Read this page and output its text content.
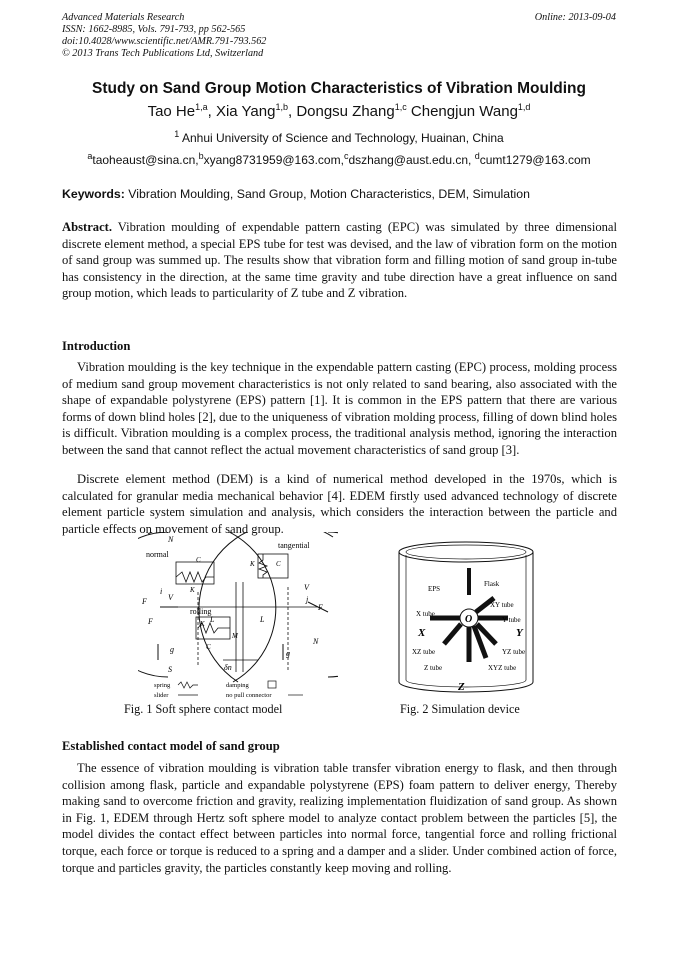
Advanced Materials Research
ISSN: 1662-8985, Vols. 791-793, pp 562-565
doi:10.4028/www.scientific.net/AMR.791-793.562
© 2013 Trans Tech Publications Ltd, Switzerland
Online: 2013-09-04
Study on Sand Group Motion Characteristics of Vibration Moulding
Tao He$^{1,a}$, Xia Yang$^{1,b}$, Dongsu Zhang$^{1,c}$ Chengjun Wang$^{1,d}$
$^1$ Anhui University of Science and Technology, Huainan, China
$^a$taoheaust@sina.cn,$^b$xyang8731959@163.com,$^c$dszhang@aust.edu.cn, $^d$cumt1279@163.com
Keywords: Vibration Moulding, Sand Group, Motion Characteristics, DEM, Simulation
Abstract. Vibration moulding of expendable pattern casting (EPC) was simulated by three dimensional discrete element method, a special EPS tube for test was devised, and the law of vibration form on the motion of sand group was summed up. The results show that vibration form and filling motion of sand group in-tube has consistency in the direction, at the same time gravity and tube direction have a great influence on sand group motion, which leads to particularity of Z tube and Z vibration.
Introduction
Vibration moulding is the key technique in the expendable pattern casting (EPC) process, molding process of medium sand group movement characteristics is not only related to sand bearing, also associated with the shape of expandable polystyrene (EPS) pattern [1]. It is common in the EPS pattern that there are various forms of down blind holes [2], due to the uniqueness of vibration molding process, filling of down blind holes is difficult. Vibration moulding is a complex process, the traditional analysis method, ignoring the interaction between the sand that cannot reflect the actual movement characteristics of sand group [3].
Discrete element method (DEM) is a kind of numerical method developed in the 1970s, which is calculated for granular media mechanical behavior [4]. EDEM firstly used advanced technology of discrete element particle system simulation and analysis, which considers the interaction between the particle and particle effects on movement of sand group.
normal
tangential
rolling
N
N
C
K
C
K
K
C
M
F
F
F
V
V
L	L
δn
g	g
S
i
j
spring	damping
slider	no pull connector
Fig. 1 Soft sphere contact model
EPS
Flask
X tube
XY tube
Y tube
XZ tube	YZ tube
Z tube	XYZ tube
X	Y
Z
O
Fig. 2 Simulation device
Established contact model of sand group
The essence of vibration moulding is vibration table transfer vibration energy to flask, and then through collision among flask, particle and expandable polystyrene (EPS) foam pattern to deliver energy, Thereby making sand to overcome friction and gravity, realizing implementation fluidization of sand group. As shown in Fig. 1, EDEM through Hertz soft sphere model to analyze contact problem between the particles [5], the model divides the contact effect between particles into normal force, tangential force and rolling frictional torque, each force or torque is reduced to a spring and a damper and a slider. Under combined action of force, torque and particles gravity, the particles constantly keep moving and rolling.
